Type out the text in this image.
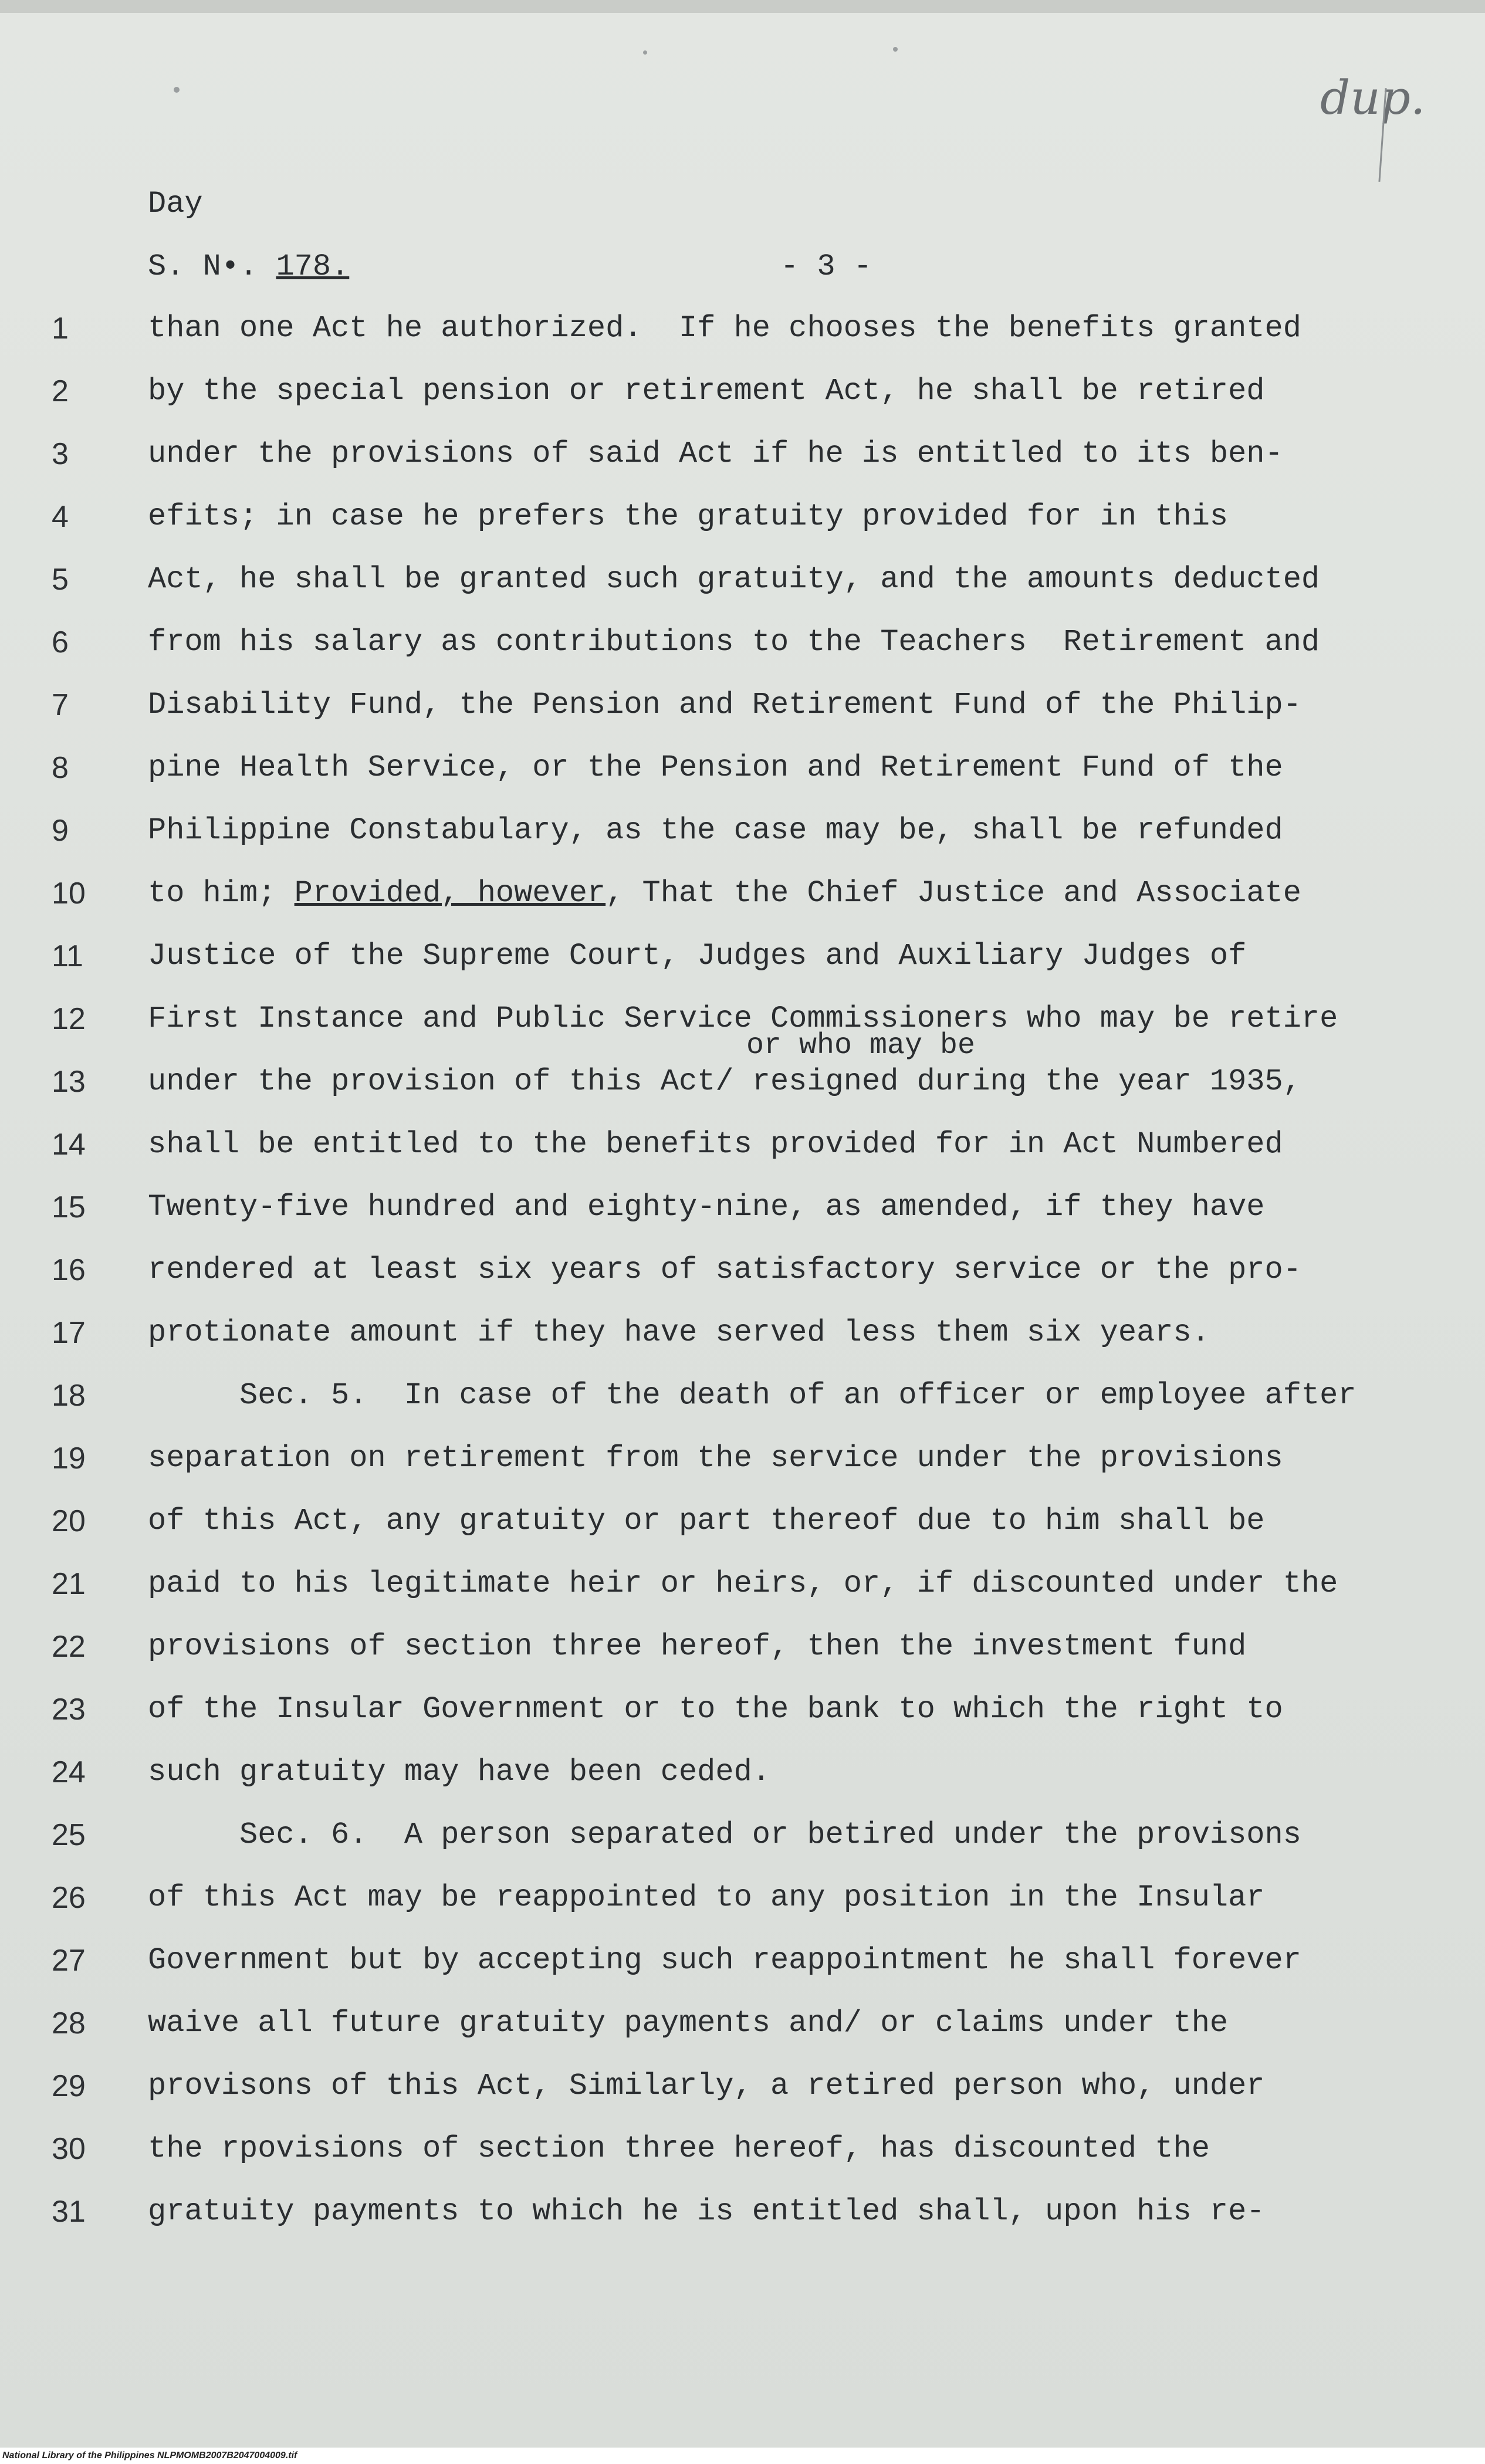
dup.
Day
S. N•. 178.	- 3 -
1	than one Act he authorized.  If he chooses the benefits granted
2	by the special pension or retirement Act, he shall be retired
3	under the provisions of said Act if he is entitled to its ben-
4	efits; in case he prefers the gratuity provided for in this
5	Act, he shall be granted such gratuity, and the amounts deducted
6	from his salary as contributions to the Teachers  Retirement and
7	Disability Fund, the Pension and Retirement Fund of the Philip-
8	pine Health Service, or the Pension and Retirement Fund of the
9	Philippine Constabulary, as the case may be, shall be refunded
10	to him; Provided, however, That the Chief Justice and Associate
11	Justice of the Supreme Court, Judges and Auxiliary Judges of
12	First Instance and Public Service Commissioners who may be retire
or who may be
13	under the provision of this Act/ resigned during the year 1935,
14	shall be entitled to the benefits provided for in Act Numbered
15	Twenty-five hundred and eighty-nine, as amended, if they have
16	rendered at least six years of satisfactory service or the pro-
17	protionate amount if they have served less them six years.
18	Sec. 5.  In case of the death of an officer or employee after
19	separation on retirement from the service under the provisions
20	of this Act, any gratuity or part thereof due to him shall be
21	paid to his legitimate heir or heirs, or, if discounted under the
22	provisions of section three hereof, then the investment fund
23	of the Insular Government or to the bank to which the right to
24	such gratuity may have been ceded.
25	Sec. 6.  A person separated or betired under the provisons
26	of this Act may be reappointed to any position in the Insular
27	Government but by accepting such reappointment he shall forever
28	waive all future gratuity payments and/ or claims under the
29	provisons of this Act, Similarly, a retired person who, under
30	the rpovisions of section three hereof, has discounted the
31	gratuity payments to which he is entitled shall, upon his re-
National Library of the Philippines NLPMOMB2007B2047004009.tif
